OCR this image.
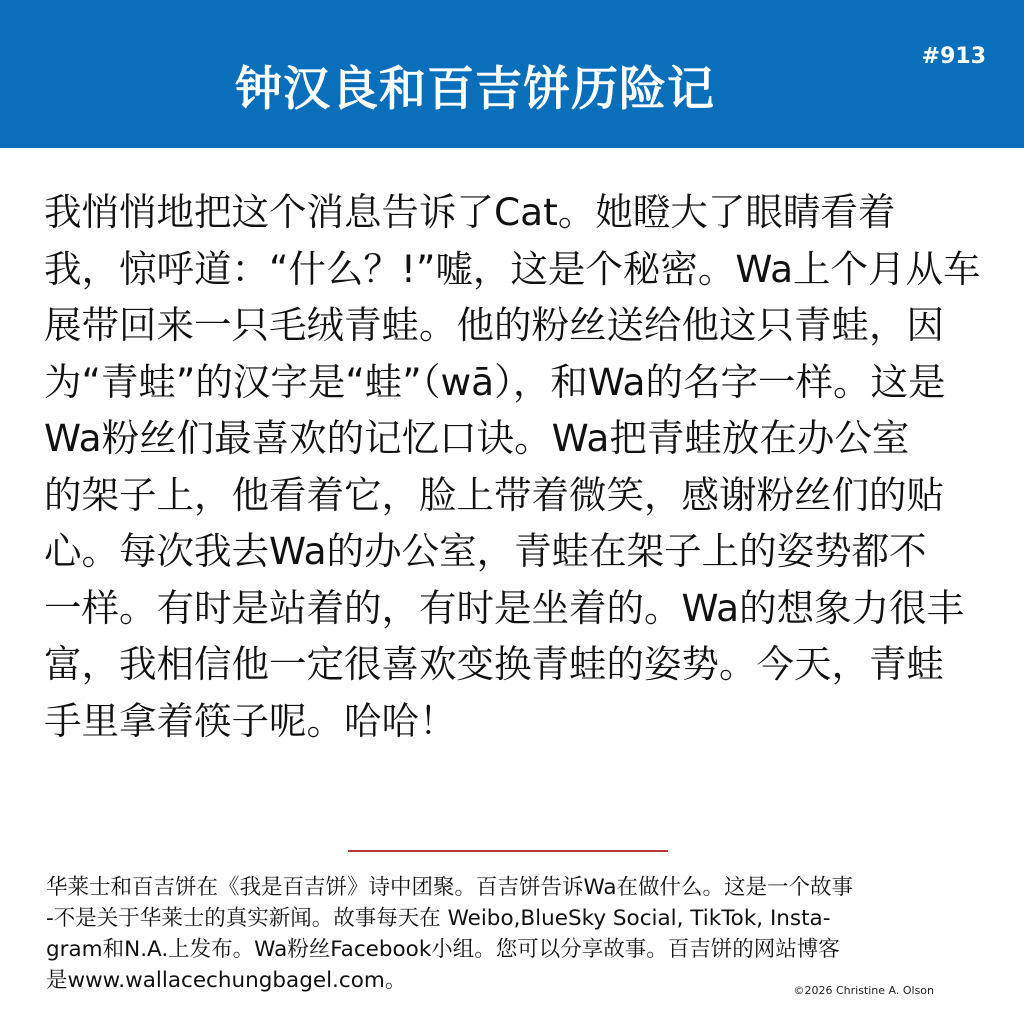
钟汉良和百吉饼历险记
#913

我悄悄地把这个消息告诉了Cat。她瞪大了眼睛看着
我，惊呼道：“什么？!”嘘，这是个秘密。Wa上个月从车
展带回来一只毛绒青蛙。他的粉丝送给他这只青蛙，因
为“青蛙”的汉字是“蛙”（wā），和Wa的名字一样。这是
Wa粉丝们最喜欢的记忆口诀。Wa把青蛙放在办公室
的架子上，他看着它，脸上带着微笑，感谢粉丝们的贴
心。每次我去Wa的办公室，青蛙在架子上的姿势都不
一样。有时是站着的，有时是坐着的。Wa的想象力很丰
富，我相信他一定很喜欢变换青蛙的姿势。今天，青蛙
手里拿着筷子呢。哈哈！

华莱士和百吉饼在《我是百吉饼》诗中团聚。百吉饼告诉Wa在做什么。这是一个故事
-不是关于华莱士的真实新闻。故事每天在 Weibo,BlueSky Social, TikTok, Insta-
gram和N.A.上发布。Wa粉丝Facebook小组。您可以分享故事。百吉饼的网站博客
是www.wallacechungbagel.com。	©2026 Christine A. Olson
